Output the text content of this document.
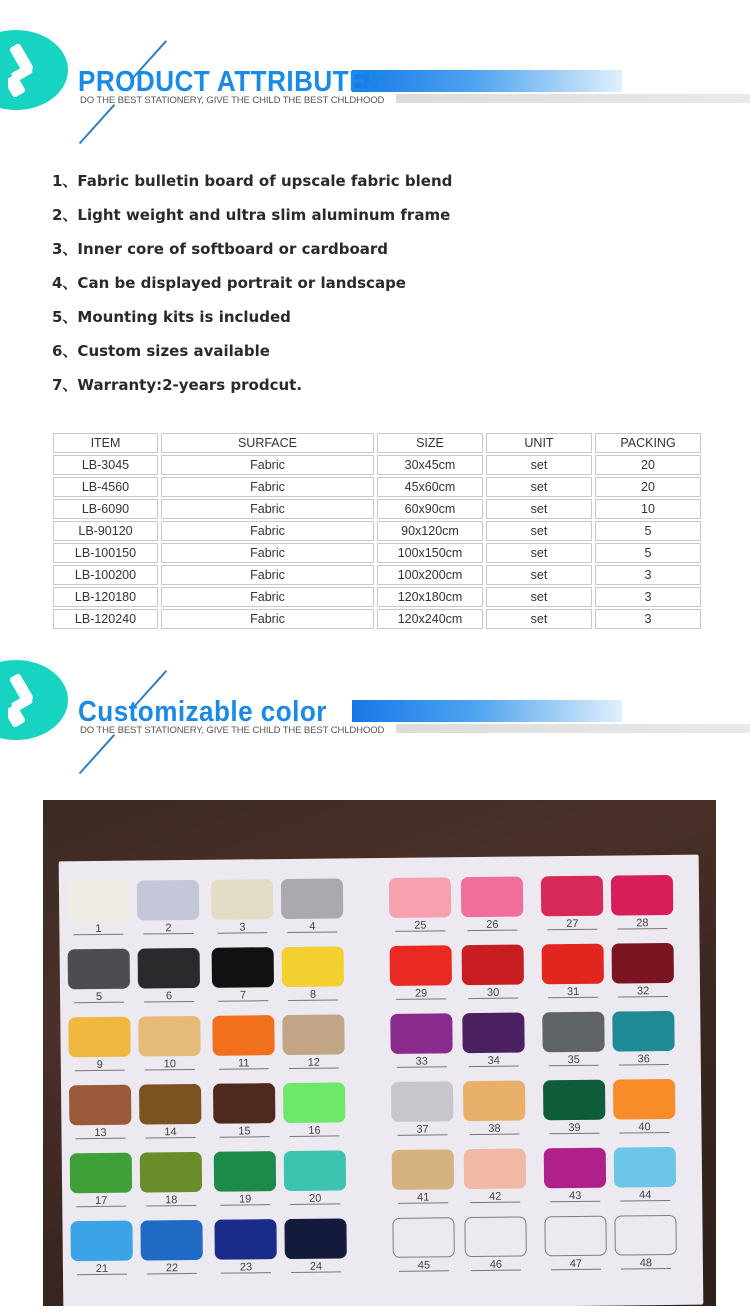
PRODUCT ATTRIBUTES
DO THE BEST STATIONERY, GIVE THE CHILD THE BEST CHLDHOOD
1、Fabric bulletin board of upscale fabric blend
2、Light weight and ultra slim aluminum frame
3、Inner core of softboard or cardboard
4、Can be displayed portrait or landscape
5、Mounting kits is included
6、Custom sizes available
7、Warranty:2-years prodcut.
ITEM	SURFACE	SIZE	UNIT	PACKING
LB-3045	Fabric	30x45cm	set	20
LB-4560	Fabric	45x60cm	set	20
LB-6090	Fabric	60x90cm	set	10
LB-90120	Fabric	90x120cm	set	5
LB-100150	Fabric	100x150cm	set	5
LB-100200	Fabric	100x200cm	set	3
LB-120180	Fabric	120x180cm	set	3
LB-120240	Fabric	120x240cm	set	3
Customizable color
DO THE BEST STATIONERY, GIVE THE CHILD THE BEST CHLDHOOD
1	2	3	4
5	6	7	8
9	10	11	12
13	14	15	16
17	18	19	20
21	22	23	24
25	26	27	28
29	30	31	32
33	34	35	36
37	38	39	40
41	42	43	44
45	46	47	48
